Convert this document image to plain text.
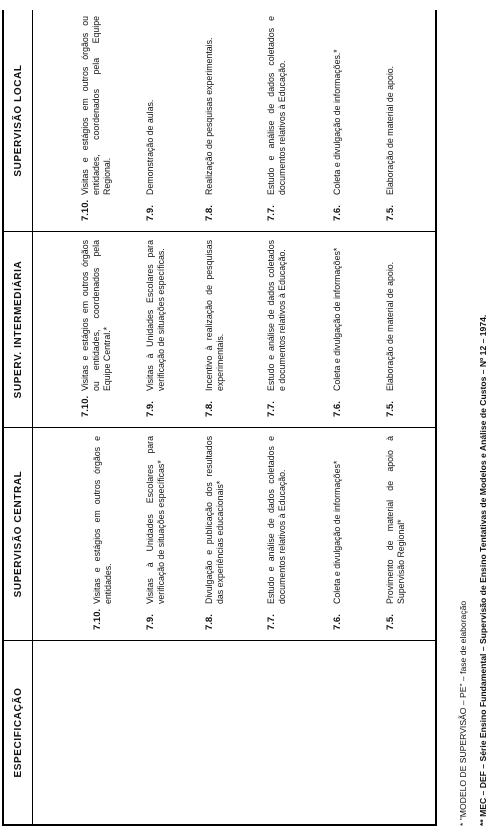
ESPECIFICAÇÃO
SUPERVISÃO CENTRAL
7.5.
Provimento de material de apoio à Supervisão Regional*
7.6.
Coleta e divulgação de informações*
7.7.
Estudo e análise de dados coletados e documentos relativos à Educação.
7.8.
Divulgação e publicação dos resultados das experiências educacionais*
7.9.
Visitas à Unidades Escolares para verificação de situações específicas*
7.10.
Visitas e estágios em outros órgãos e entidades.
SUPERV. INTERMEDIÁRIA
7.5.
Elaboração de material de apoio.
7.6.
Coleta e divulgação de informações*
7.7.
Estudo e análise de dados coletados e documentos relativos à Educação.
7.8.
Incentivo à realização de pesquisas experimentais.
7.9.
Visitas à Unidades Escolares para verificação de situações específicas.
7.10.
Visitas e estágios em outros órgãos ou entidades, coordenados pela Equipe Central.*
SUPERVISÃO LOCAL
7.5.
Elaboração de material de apoio.
7.6.
Coleta e divulgação de informações.*
7.7.
Estudo e análise de dados coletados e documentos relativos à Educação.
7.8.
Realização de pesquisas experimentais.
7.9.
Demonstração de aulas.
7.10.
Visitas e estágios em outros órgãos ou entidades, coordenados pela Equipe Regional.
* "MODELO DE SUPERVISÃO – PE" – fase de elaboração ** MEC – DEF – Série Ensino Fundamental – Supervisão de Ensino Tentativas de Modelos e Análise de Custos – Nº 12 – 1974.
